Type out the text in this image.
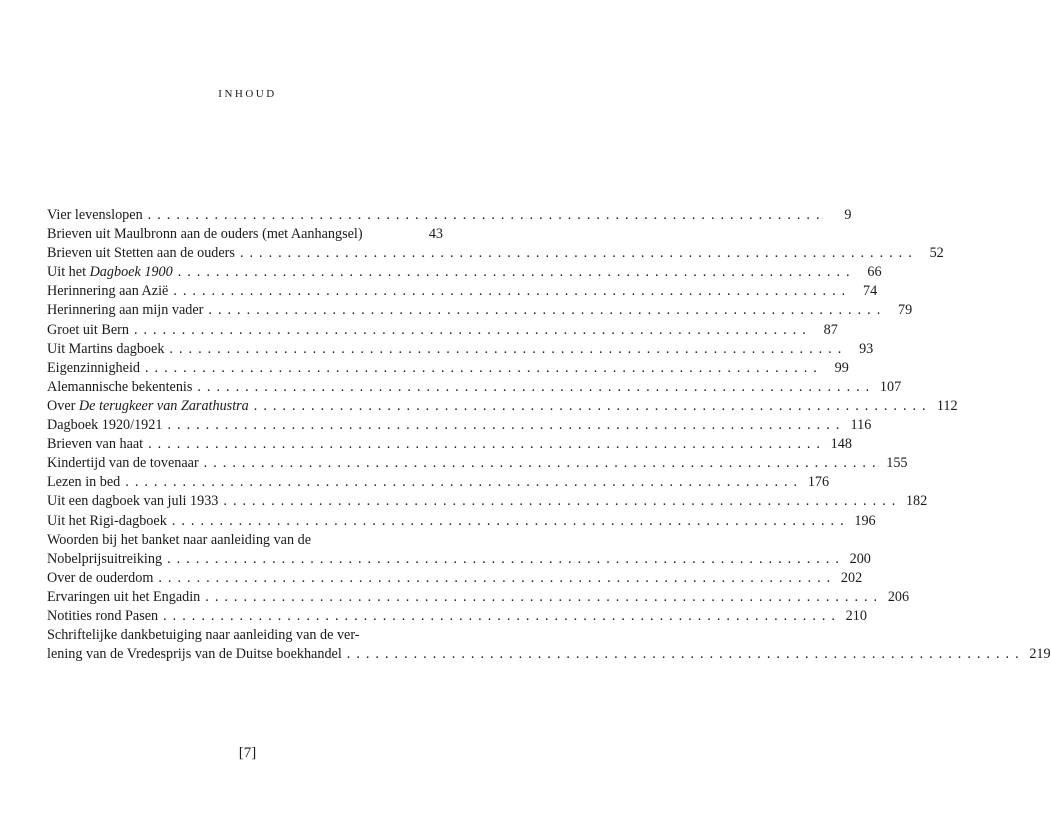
INHOUD
Vier levenslopen .......................................................................	9
Brieven uit Maulbronn aan de ouders (met Aanhangsel)	43
Brieven uit Stetten aan de ouders ....................................................................... 52
Uit het Dagboek 1900 ....................................................................... 66
Herinnering aan Azië ....................................................................... 74
Herinnering aan mijn vader ....................................................................... 79
Groet uit Bern ....................................................................... 87
Uit Martins dagboek ....................................................................... 93
Eigenzinnigheid ....................................................................... 99
Alemannische bekentenis ....................................................................... 107
Over De terugkeer van Zarathustra ....................................................................... 112
Dagboek 1920/1921 ....................................................................... 116
Brieven van haat ....................................................................... 148
Kindertijd van de tovenaar ....................................................................... 155
Lezen in bed ....................................................................... 176
Uit een dagboek van juli 1933 ....................................................................... 182
Uit het Rigi-dagboek ....................................................................... 196
Woorden bij het banket naar aanleiding van de
Nobelprijsuitreiking ....................................................................... 200
Over de ouderdom ....................................................................... 202
Ervaringen uit het Engadin ....................................................................... 206
Notities rond Pasen ....................................................................... 210
Schriftelijke dankbetuiging naar aanleiding van de ver-
lening van de Vredesprijs van de Duitse boekhandel ....................................................................... 219
[7]
